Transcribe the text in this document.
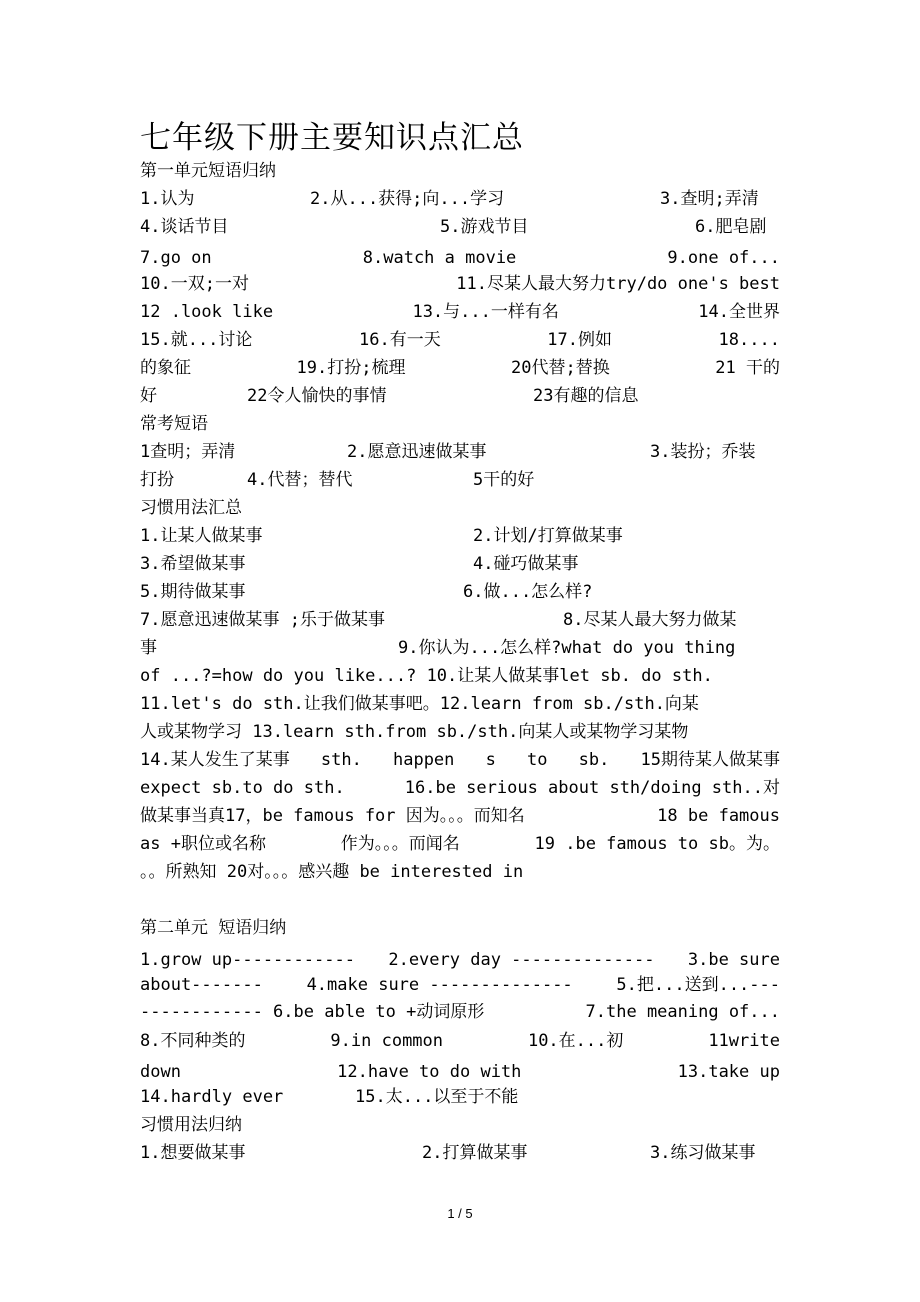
七年级下册主要知识点汇总
第一单元短语归纳
1.认为	2.从...获得;向...学习	3.查明;弄清
4.谈话节目	5.游戏节目	6.肥皂剧
7.go on	8.watch a movie	9.one of...
10.一双;一对	11.尽某人最大努力try/do one's best
12 .look like	13.与...一样有名	14.全世界
15.就...讨论	16.有一天	17.例如	18....
的象征	19.打扮;梳理	20代替;替换	21 干的
好	22令人愉快的事情	23有趣的信息
常考短语
1查明；弄清	2.愿意迅速做某事	3.装扮；乔装
打扮	4.代替；替代	5干的好
习惯用法汇总
1.让某人做某事	2.计划/打算做某事
3.希望做某事	4.碰巧做某事
5.期待做某事	6.做...怎么样?
7.愿意迅速做某事 ;乐于做某事	8.尽某人最大努力做某
事	9.你认为...怎么样?what do you thing
of ...?=how do you like...? 10.让某人做某事let sb. do sth.
11.let's do sth.让我们做某事吧。12.learn from sb./sth.向某
人或某物学习 13.learn sth.from sb./sth.向某人或某物学习某物
14.某人发生了某事 sth. happen s to sb. 15期待某人做某事
expect sb.to do sth.	16.be serious about sth/doing sth..对
做某事当真17，be famous for 因为。。。而知名	18 be famous
as +职位或名称	作为。。。而闻名	19 .be famous to sb。为。
。。所熟知 20对。。。感兴趣 be interested in
第二单元 短语归纳
1.grow up------------ 2.every day -------------- 3.be sure
about-------	4.make sure --------------	5.把...送到...---
------------ 6.be able to +动词原形	7.the meaning of...
8.不同种类的	9.in common	10.在...初	11write
down	12.have to do with	13.take up
14.hardly ever	15.太...以至于不能
习惯用法归纳
1.想要做某事	2.打算做某事	3.练习做某事
1 / 5
